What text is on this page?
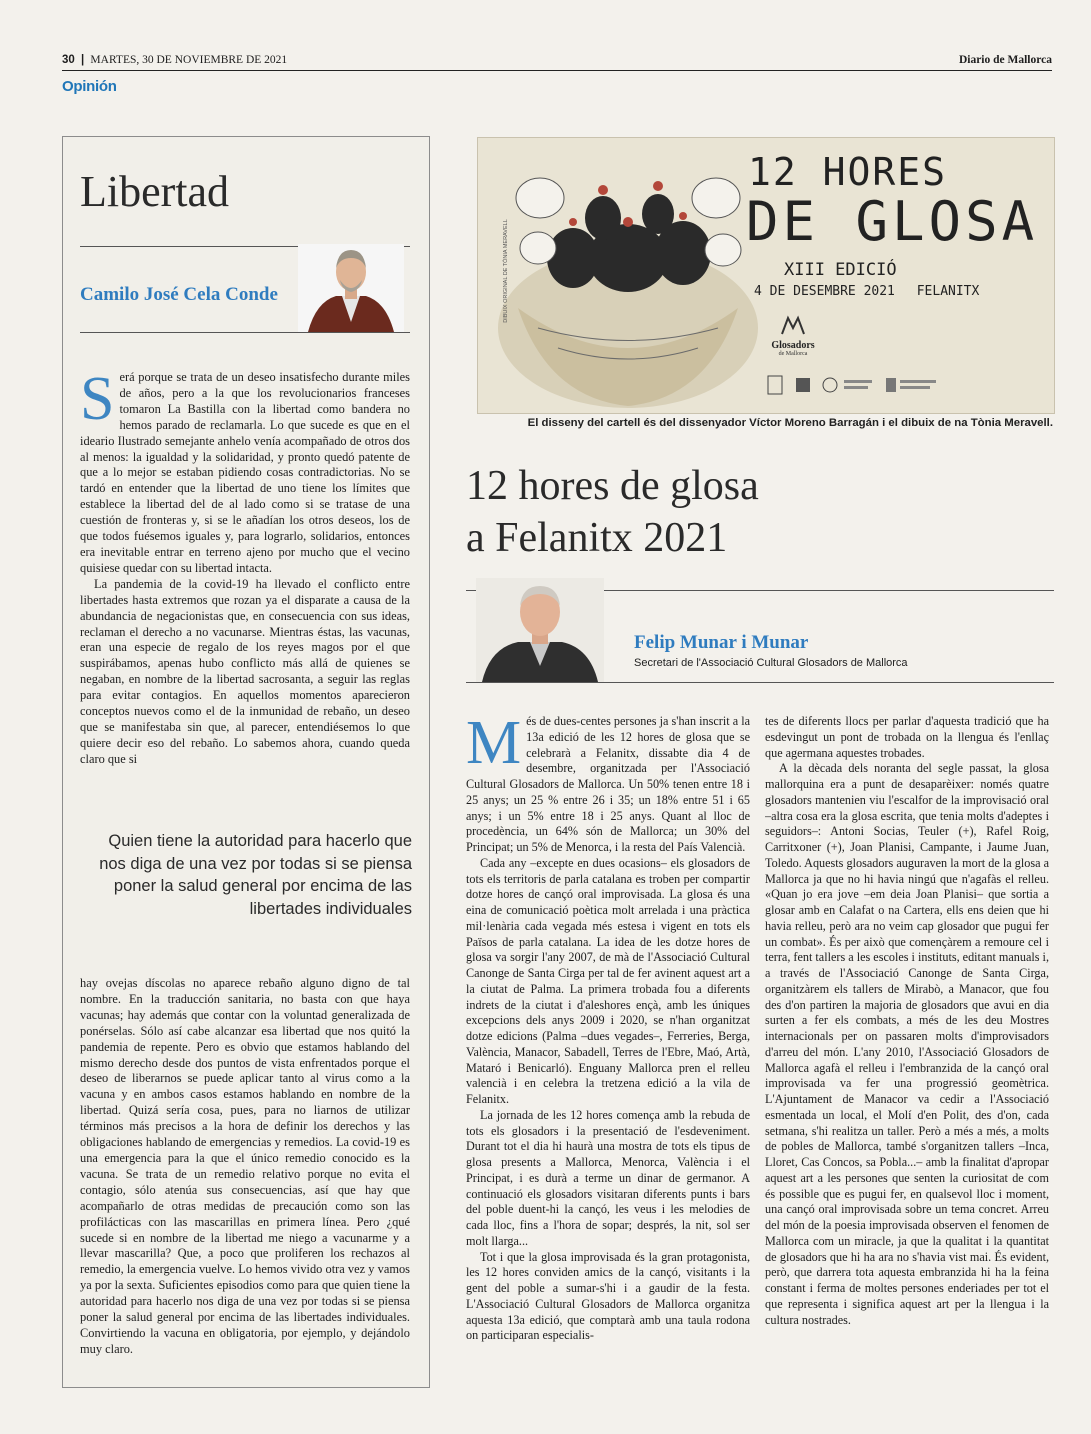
30 | MARTES, 30 DE NOVIEMBRE DE 2021	Diario de Mallorca
Opinión
Libertad
Camilo José Cela Conde

Será porque se trata de un deseo insatisfecho durante miles de años, pero a la que los revolucionarios franceses tomaron La Bastilla con la libertad como bandera no hemos parado de reclamarla. Lo que sucede es que en el ideario Ilustrado semejante anhelo venía acompañado de otros dos al menos: la igualdad y la solidaridad, y pronto quedó patente de que a lo mejor se estaban pidiendo cosas contradictorias. No se tardó en entender que la libertad de uno tiene los límites que establece la libertad del de al lado como si se tratase de una cuestión de fronteras y, si se le añadían los otros deseos, los de que todos fuésemos iguales y, para lograrlo, solidarios, entonces era inevitable entrar en terreno ajeno por mucho que el vecino quisiese quedar con su libertad intacta.

La pandemia de la covid-19 ha llevado el conflicto entre libertades hasta extremos que rozan ya el disparate a causa de la abundancia de negacionistas que, en consecuencia con sus ideas, reclaman el derecho a no vacunarse. Mientras éstas, las vacunas, eran una especie de regalo de los reyes magos por el que suspirábamos, apenas hubo conflicto más allá de quienes se negaban, en nombre de la libertad sacrosanta, a seguir las reglas para evitar contagios. En aquellos momentos aparecieron conceptos nuevos como el de la inmunidad de rebaño, un deseo que se manifestaba sin que, al parecer, entendiésemos lo que quiere decir eso del rebaño. Lo sabemos ahora, cuando queda claro que si

Quien tiene la autoridad para hacerlo que nos diga de una vez por todas si se piensa poner la salud general por encima de las libertades individuales

hay ovejas díscolas no aparece rebaño alguno digno de tal nombre. En la traducción sanitaria, no basta con que haya vacunas; hay además que contar con la voluntad generalizada de ponérselas. Sólo así cabe alcanzar esa libertad que nos quitó la pandemia de repente. Pero es obvio que estamos hablando del mismo derecho desde dos puntos de vista enfrentados porque el deseo de liberarnos se puede aplicar tanto al virus como a la vacuna y en ambos casos estamos hablando en nombre de la libertad. Quizá sería cosa, pues, para no liarnos de utilizar términos más precisos a la hora de definir los derechos y las obligaciones hablando de emergencias y remedios. La covid-19 es una emergencia para la que el único remedio conocido es la vacuna. Se trata de un remedio relativo porque no evita el contagio, sólo atenúa sus consecuencias, así que hay que acompañarlo de otras medidas de precaución como son las profilácticas con las mascarillas en primera línea. Pero ¿qué sucede si en nombre de la libertad me niego a vacunarme y a llevar mascarilla? Que, a poco que proliferen los rechazos al remedio, la emergencia vuelve. Lo hemos vivido otra vez y vamos ya por la sexta. Suficientes episodios como para que quien tiene la autoridad para hacerlo nos diga de una vez por todas si se piensa poner la salud general por encima de las libertades individuales. Convirtiendo la vacuna en obligatoria, por ejemplo, y dejándolo muy claro.

DIBUIX ORIGINAL DE TÒNIA MERAVELL
12 HORES
DE GLOSA
XIII EDICIÓ
4 DE DESEMBRE 2021 FELANITX
Glosadors
de Mallorca
El disseny del cartell és del dissenyador Víctor Moreno Barragán i el dibuix de na Tònia Meravell.
12 hores de glosa
a Felanitx 2021
Felip Munar i Munar
Secretari de l'Associació Cultural Glosadors de Mallorca

Més de dues-centes persones ja s'han inscrit a la 13a edició de les 12 hores de glosa que se celebrarà a Felanitx, dissabte dia 4 de desembre, organitzada per l'Associació Cultural Glosadors de Mallorca. Un 50% tenen entre 18 i 25 anys; un 25 % entre 26 i 35; un 18% entre 51 i 65 anys; i un 5% entre 18 i 25 anys. Quant al lloc de procedència, un 64% són de Mallorca; un 30% del Principat; un 5% de Menorca, i la resta del País Valencià.

Cada any –excepte en dues ocasions– els glosadors de tots els territoris de parla catalana es troben per compartir dotze hores de cançó oral improvisada. La glosa és una eina de comunicació poètica molt arrelada i una pràctica mil·lenària cada vegada més estesa i vigent en tots els Països de parla catalana. La idea de les dotze hores de glosa va sorgir l'any 2007, de mà de l'Associació Cultural Canonge de Santa Cirga per tal de fer avinent aquest art a la ciutat de Palma. La primera trobada fou a diferents indrets de la ciutat i d'aleshores ençà, amb les úniques excepcions dels anys 2009 i 2020, se n'han organitzat dotze edicions (Palma –dues vegades–, Ferreries, Berga, València, Manacor, Sabadell, Terres de l'Ebre, Maó, Artà, Mataró i Benicarló). Enguany Mallorca pren el relleu valencià i en celebra la tretzena edició a la vila de Felanitx.

La jornada de les 12 hores comença amb la rebuda de tots els glosadors i la presentació de l'esdeveniment. Durant tot el dia hi haurà una mostra de tots els tipus de glosa presents a Mallorca, Menorca, València i el Principat, i es durà a terme un dinar de germanor. A continuació els glosadors visitaran diferents punts i bars del poble duent-hi la cançó, les veus i les melodies de cada lloc, fins a l'hora de sopar; després, la nit, sol ser molt llarga...

Tot i que la glosa improvisada és la gran protagonista, les 12 hores conviden amics de la cançó, visitants i la gent del poble a sumar-s'hi i a gaudir de la festa. L'Associació Cultural Glosadors de Mallorca organitza aquesta 13a edició, que comptarà amb una taula rodona on participaran especialis-

tes de diferents llocs per parlar d'aquesta tradició que ha esdevingut un pont de trobada on la llengua és l'enllaç que agermana aquestes trobades.

A la dècada dels noranta del segle passat, la glosa mallorquina era a punt de desaparèixer: només quatre glosadors mantenien viu l'escalfor de la improvisació oral –altra cosa era la glosa escrita, que tenia molts d'adeptes i seguidors–: Antoni Socias, Teuler (+), Rafel Roig, Carritxoner (+), Joan Planisi, Campante, i Jaume Juan, Toledo. Aquests glosadors auguraven la mort de la glosa a Mallorca ja que no hi havia ningú que n'agafàs el relleu. «Quan jo era jove –em deia Joan Planisi– que sortia a glosar amb en Calafat o na Cartera, ells ens deien que hi havia relleu, però ara no veim cap glosador que pugui fer un combat». És per això que començàrem a remoure cel i terra, fent tallers a les escoles i instituts, editant manuals i, a través de l'Associació Canonge de Santa Cirga, organitzàrem els tallers de Mirabò, a Manacor, que fou des d'on partiren la majoria de glosadors que avui en dia surten a fer els combats, a més de les deu Mostres internacionals per on passaren molts d'improvisadors d'arreu del món. L'any 2010, l'Associació Glosadors de Mallorca agafà el relleu i l'embranzida de la cançó oral improvisada va fer una progressió geomètrica. L'Ajuntament de Manacor va cedir a l'Associació esmentada un local, el Molí d'en Polit, des d'on, cada setmana, s'hi realitza un taller. Però a més a més, a molts de pobles de Mallorca, també s'organitzen tallers –Inca, Lloret, Cas Concos, sa Pobla...– amb la finalitat d'apropar aquest art a les persones que senten la curiositat de com és possible que es pugui fer, en qualsevol lloc i moment, una cançó oral improvisada sobre un tema concret. Arreu del món de la poesia improvisada observen el fenomen de Mallorca com un miracle, ja que la qualitat i la quantitat de glosadors que hi ha ara no s'havia vist mai. És evident, però, que darrera tota aquesta embranzida hi ha la feina constant i ferma de moltes persones enderiades per tot el que representa i significa aquest art per la llengua i la cultura nostrades.
